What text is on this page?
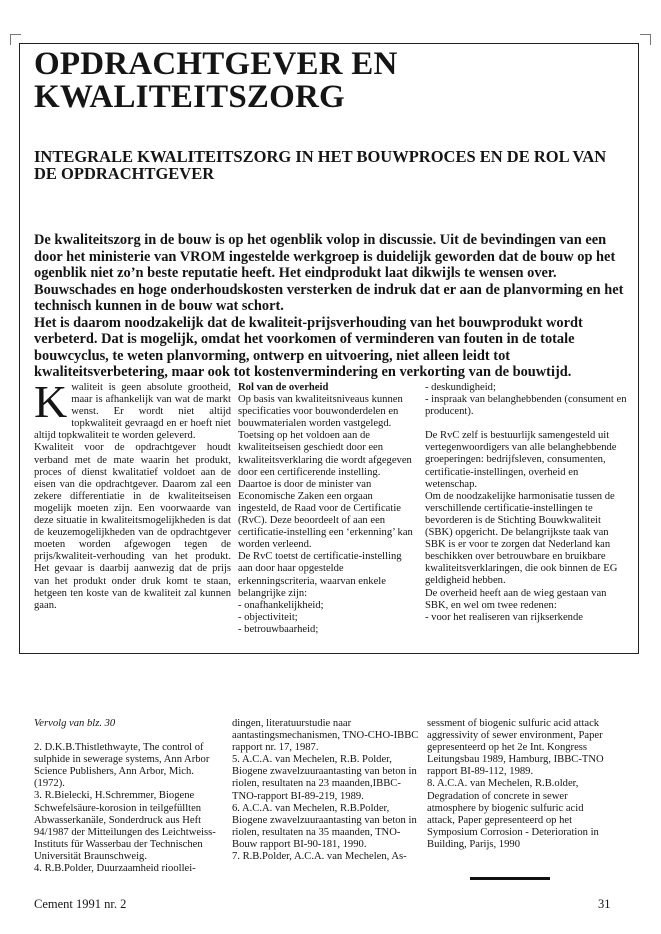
OPDRACHTGEVER EN KWALITEITSZORG
INTEGRALE KWALITEITSZORG IN HET BOUWPROCES EN DE ROL VAN DE OPDRACHTGEVER

De kwaliteitszorg in de bouw is op het ogenblik volop in discussie. Uit de bevindingen van een door het ministerie van VROM ingestelde werkgroep is duidelijk geworden dat de bouw op het ogenblik niet zo’n beste reputatie heeft. Het eindprodukt laat dikwijls te wensen over. Bouwschades en hoge onderhoudskosten versterken de indruk dat er aan de planvorming en het technisch kunnen in de bouw wat schort.

Het is daarom noodzakelijk dat de kwaliteit-prijsverhouding van het bouwprodukt wordt verbeterd. Dat is mogelijk, omdat het voorkomen of verminderen van fouten in de totale bouwcyclus, te weten planvorming, ontwerp en uitvoering, niet alleen leidt tot kwaliteitsverbetering, maar ook tot kostenvermindering en verkorting van de bouwtijd.

Kwaliteit is geen absolute grootheid, maar is afhankelijk van wat de markt wenst. Er wordt niet altijd topkwaliteit gevraagd en er hoeft niet altijd topkwaliteit te worden geleverd.

Kwaliteit voor de opdrachtgever houdt verband met de mate waarin het produkt, proces of dienst kwalitatief voldoet aan de eisen van die opdrachtgever. Daarom zal een zekere differentiatie in de kwaliteitseisen mogelijk moeten zijn. Een voorwaarde van deze situatie in kwaliteitsmogelijkheden is dat de keuzemogelijkheden van de opdrachtgever moeten worden afgewogen tegen de prijs/kwaliteit-verhouding van het produkt. Het gevaar is daarbij aanwezig dat de prijs van het produkt onder druk komt te staan, hetgeen ten koste van de kwaliteit zal kunnen gaan.

Rol van de overheid

Op basis van kwaliteitsniveaus kunnen specificaties voor bouwonderdelen en bouwmaterialen worden vastgelegd.

Toetsing op het voldoen aan de kwaliteitseisen geschiedt door een kwaliteitsverklaring die wordt afgegeven door een certificerende instelling.

Daartoe is door de minister van Economische Zaken een orgaan ingesteld, de Raad voor de Certificatie (RvC). Deze beoordeelt of aan een certificatie-instelling een ‘erkenning’ kan worden verleend.

De RvC toetst de certificatie-instelling aan door haar opgestelde erkenningscriteria, waarvan enkele belangrijke zijn:

- onafhankelijkheid;

- objectiviteit;

- betrouwbaarheid;

- deskundigheid;

- inspraak van belanghebbenden (consument en producent).

De RvC zelf is bestuurlijk samengesteld uit vertegenwoordigers van alle belanghebbende groeperingen: bedrijfsleven, consumenten, certificatie-instellingen, overheid en wetenschap.

Om de noodzakelijke harmonisatie tussen de verschillende certificatie-instellingen te bevorderen is de Stichting Bouwkwaliteit (SBK) opgericht. De belangrijkste taak van SBK is er voor te zorgen dat Nederland kan beschikken over betrouwbare en bruikbare kwaliteitsverklaringen, die ook binnen de EG geldigheid hebben.

De overheid heeft aan de wieg gestaan van SBK, en wel om twee redenen:

- voor het realiseren van rijkserkende

Vervolg van blz. 30

2. D.K.B.Thistlethwayte, The control of sulphide in sewerage systems, Ann Arbor Science Publishers, Ann Arbor, Mich. (1972).

3. R.Bielecki, H.Schremmer, Biogene Schwefelsäure-korosion in teilgefüllten Abwasserkanäle, Sonderdruck aus Heft 94/1987 der Mitteilungen des Leichtweiss-Instituts für Wasserbau der Technischen Universität Braunschweig.

4. R.B.Polder, Duurzaamheid rioollei-

dingen, literatuurstudie naar aantastingsmechanismen, TNO-CHO-IBBC rapport nr. 17, 1987.

5. A.C.A. van Mechelen, R.B. Polder, Biogene zwavelzuuraantasting van beton in riolen, resultaten na 23 maanden,IBBC-TNO-rapport BI-89-219, 1989.

6. A.C.A. van Mechelen, R.B.Polder, Biogene zwavelzuuraantasting van beton in riolen, resultaten na 35 maanden, TNO-Bouw rapport BI-90-181, 1990.

7. R.B.Polder, A.C.A. van Mechelen, As-

sessment of biogenic sulfuric acid attack aggressivity of sewer environment, Paper gepresenteerd op het 2e Int. Kongress Leitungsbau 1989, Hamburg, IBBC-TNO rapport BI-89-112, 1989.

8. A.C.A. van Mechelen, R.B.older, Degradation of concrete in sewer atmosphere by biogenic sulfuric acid attack, Paper gepresenteerd op het Symposium Corrosion - Deterioration in Building, Parijs, 1990

Cement 1991 nr. 2	31
